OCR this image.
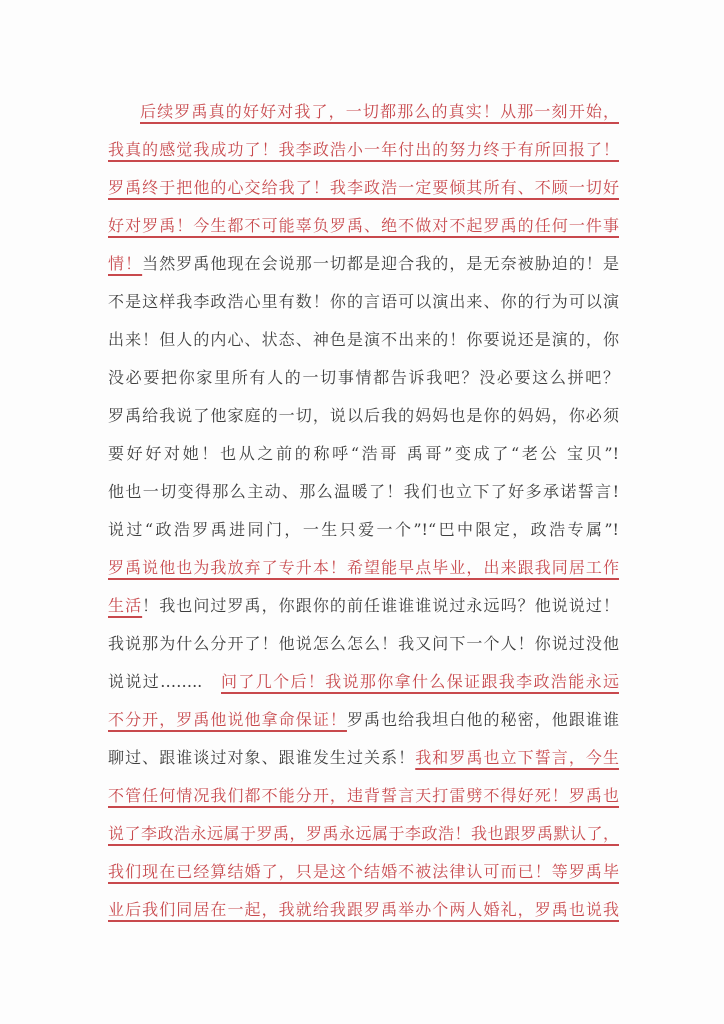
后续罗禹真的好好对我了，一切都那么的真实！从那一刻开始，
我真的感觉我成功了！我李政浩小一年付出的努力终于有所回报了！
罗禹终于把他的心交给我了！我李政浩一定要倾其所有、不顾一切好
好对罗禹！今生都不可能辜负罗禹、绝不做对不起罗禹的任何一件事
情！当然罗禹他现在会说那一切都是迎合我的，是无奈被胁迫的！是
不是这样我李政浩心里有数！你的言语可以演出来、你的行为可以演
出来！但人的内心、状态、神色是演不出来的！你要说还是演的，你
没必要把你家里所有人的一切事情都告诉我吧？没必要这么拼吧？
罗禹给我说了他家庭的一切，说以后我的妈妈也是你的妈妈，你必须
要好好对她！也从之前的称呼“浩哥 禹哥”变成了“老公 宝贝”!
他也一切变得那么主动、那么温暖了！我们也立下了好多承诺誓言!
说过“政浩罗禹进同门，一生只爱一个”!“巴中限定，政浩专属”!
罗禹说他也为我放弃了专升本！希望能早点毕业，出来跟我同居工作
生活！我也问过罗禹，你跟你的前任谁谁谁说过永远吗？他说说过！
我说那为什么分开了！他说怎么怎么！我又问下一个人！你说过没他
说说过……..　问了几个后！我说那你拿什么保证跟我李政浩能永远
不分开，罗禹他说他拿命保证！罗禹也给我坦白他的秘密，他跟谁谁
聊过、跟谁谈过对象、跟谁发生过关系！我和罗禹也立下誓言，今生
不管任何情况我们都不能分开，违背誓言天打雷劈不得好死！罗禹也
说了李政浩永远属于罗禹，罗禹永远属于李政浩！我也跟罗禹默认了，
我们现在已经算结婚了，只是这个结婚不被法律认可而已！等罗禹毕
业后我们同居在一起，我就给我跟罗禹举办个两人婚礼，罗禹也说我
